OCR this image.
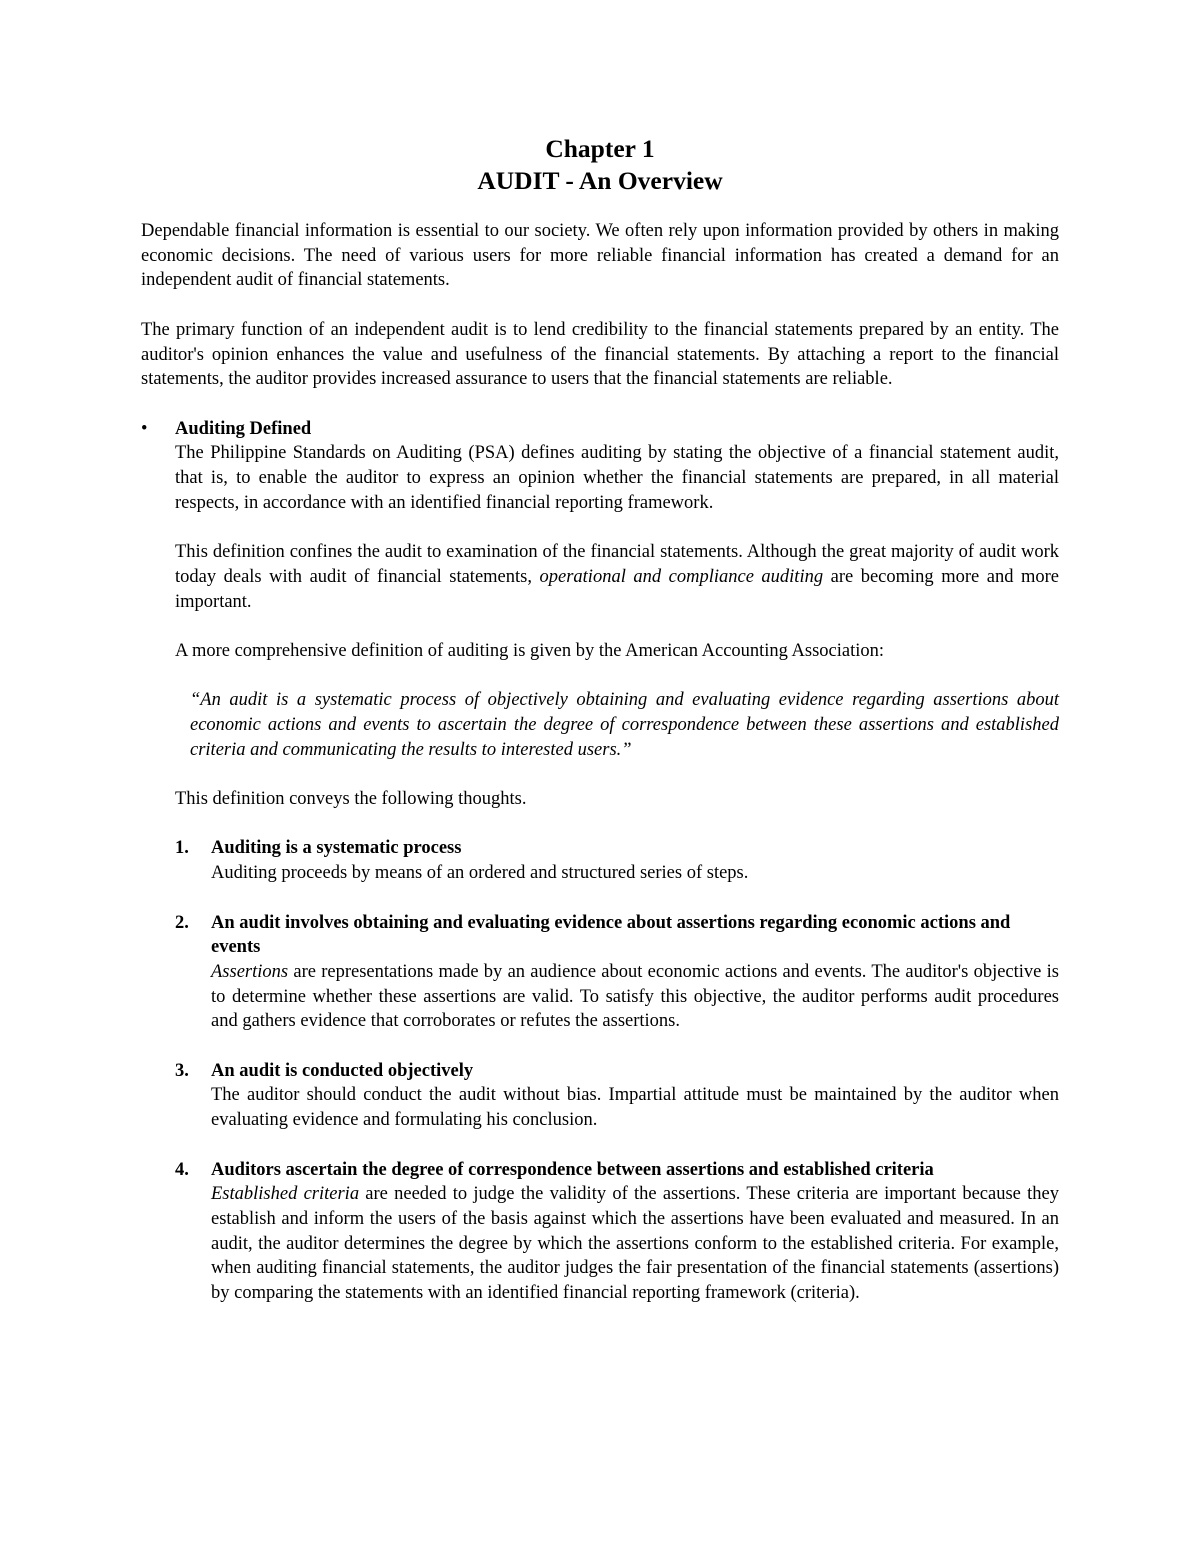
Chapter 1
AUDIT - An Overview

Dependable financial information is essential to our society. We often rely upon information provided by others in making economic decisions. The need of various users for more reliable financial information has created a demand for an independent audit of financial statements.

The primary function of an independent audit is to lend credibility to the financial statements prepared by an entity. The auditor's opinion enhances the value and usefulness of the financial statements. By attaching a report to the financial statements, the auditor provides increased assurance to users that the financial statements are reliable.

• Auditing Defined

The Philippine Standards on Auditing (PSA) defines auditing by stating the objective of a financial statement audit, that is, to enable the auditor to express an opinion whether the financial statements are prepared, in all material respects, in accordance with an identified financial reporting framework.

This definition confines the audit to examination of the financial statements. Although the great majority of audit work today deals with audit of financial statements, operational and compliance auditing are becoming more and more important.

A more comprehensive definition of auditing is given by the American Accounting Association:

“An audit is a systematic process of objectively obtaining and evaluating evidence regarding assertions about economic actions and events to ascertain the degree of correspondence between these assertions and established criteria and communicating the results to interested users.”

This definition conveys the following thoughts.

1. Auditing is a systematic process

Auditing proceeds by means of an ordered and structured series of steps.

2. An audit involves obtaining and evaluating evidence about assertions regarding economic actions and events

Assertions are representations made by an audience about economic actions and events. The auditor's objective is to determine whether these assertions are valid. To satisfy this objective, the auditor performs audit procedures and gathers evidence that corroborates or refutes the assertions.

3. An audit is conducted objectively

The auditor should conduct the audit without bias. Impartial attitude must be maintained by the auditor when evaluating evidence and formulating his conclusion.

4. Auditors ascertain the degree of correspondence between assertions and established criteria

Established criteria are needed to judge the validity of the assertions. These criteria are important because they establish and inform the users of the basis against which the assertions have been evaluated and measured. In an audit, the auditor determines the degree by which the assertions conform to the established criteria. For example, when auditing financial statements, the auditor judges the fair presentation of the financial statements (assertions) by comparing the statements with an identified financial reporting framework (criteria).
